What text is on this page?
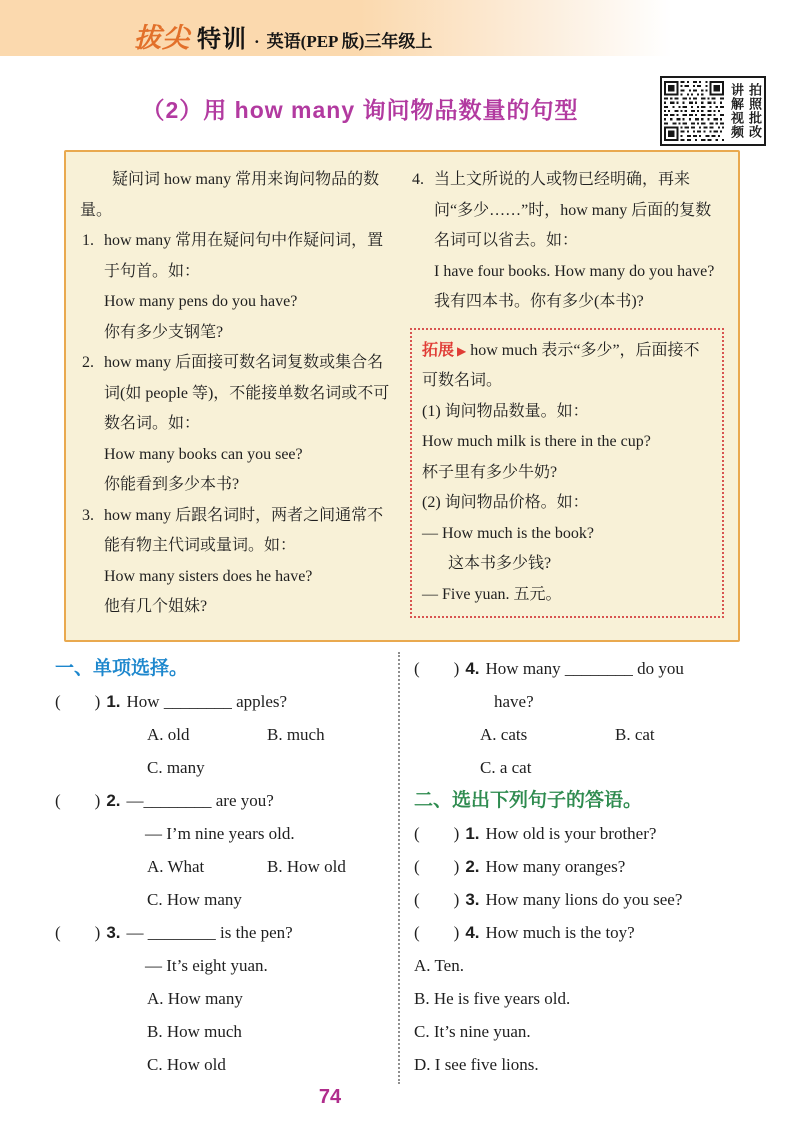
拔尖 特训 · 英语(PEP 版)三年级上
（2）用 how many 询问物品数量的句型	讲解视频 拍照批改

疑问词 how many 常用来询问物品的数量。

1. how many 常用在疑问句中作疑问词，置于句首。如：

How many pens do you have?

你有多少支钢笔?

2. how many 后面接可数名词复数或集合名词(如 people 等)，不能接单数名词或不可数名词。如：

How many books can you see?

你能看到多少本书?

3. how many 后跟名词时，两者之间通常不能有物主代词或量词。如：

How many sisters does he have?

他有几个姐妹?

4. 当上文所说的人或物已经明确，再来问“多少……”时，how many 后面的复数名词可以省去。如：

I have four books. How many do you have? 我有四本书。你有多少(本书)?

拓展 ▶ how much 表示“多少”，后面接不可数名词。

(1) 询问物品数量。如：

How much milk is there in the cup?

杯子里有多少牛奶?

(2) 询问物品价格。如：

— How much is the book?

这本书多少钱?

— Five yuan. 五元。

一、单项选择。
(　　) 1. How ________ apples?
A. old	B. much
C. many
(　　) 2. —________ are you?
— I’m nine years old.
A. What	B. How old
C. How many
(　　) 3. — ________ is the pen?
— It’s eight yuan.
A. How many
B. How much
C. How old
(　　) 4. How many ________ do you
have?
A. cats	B. cat
C. a cat
二、选出下列句子的答语。
(　　) 1. How old is your brother?
(　　) 2. How many oranges?
(　　) 3. How many lions do you see?
(　　) 4. How much is the toy?
A. Ten.
B. He is five years old.
C. It’s nine yuan.
D. I see five lions.
74
